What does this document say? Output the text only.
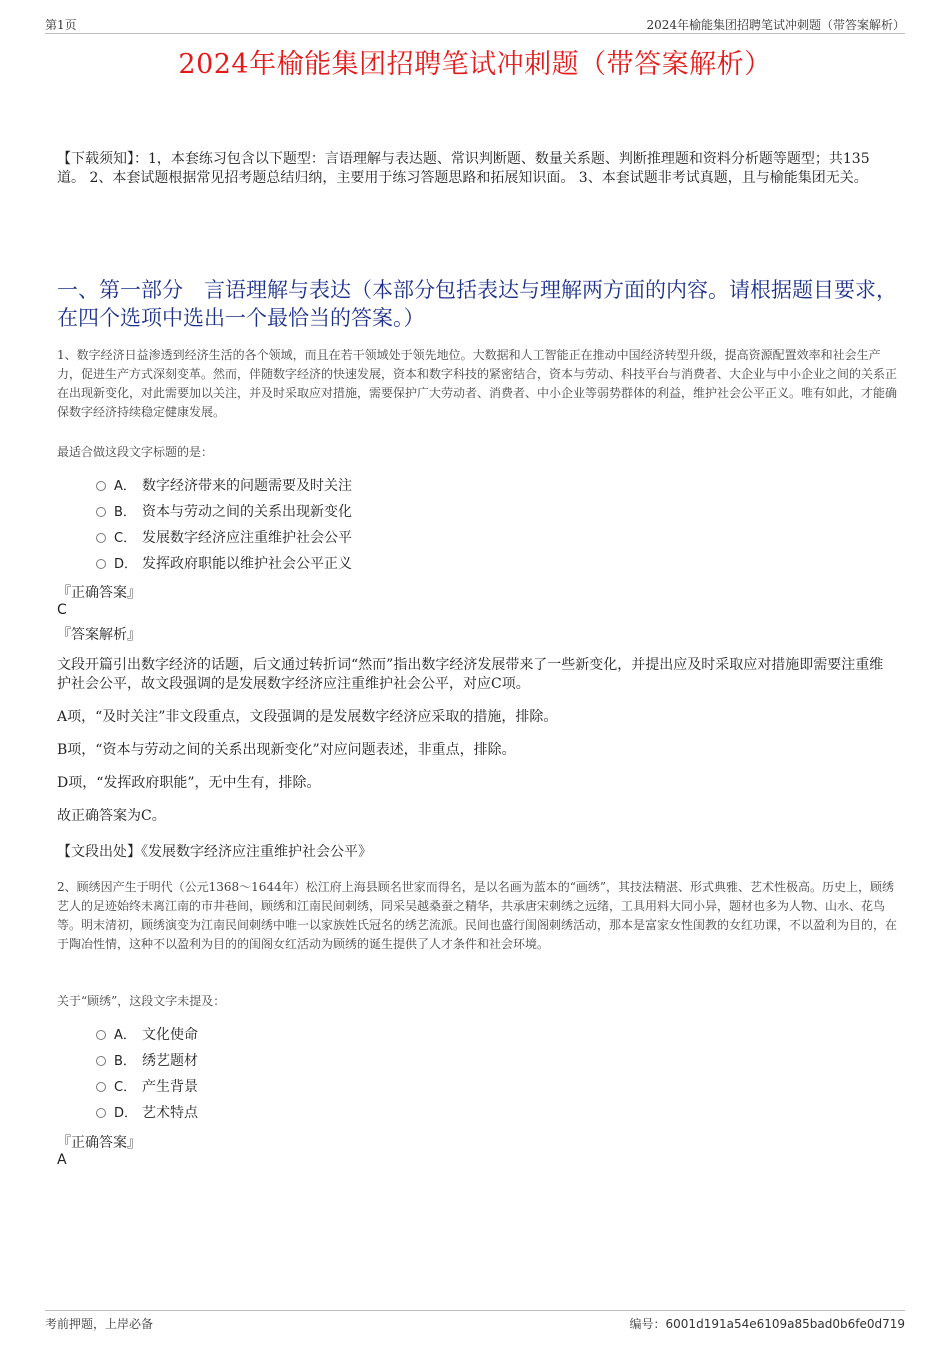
第1页	2024年榆能集团招聘笔试冲刺题（带答案解析）
2024年榆能集团招聘笔试冲刺题（带答案解析）
【下载须知】：1，本套练习包含以下题型：言语理解与表达题、常识判断题、数量关系题、判断推理题和资料分析题等题型；共135道。 2、本套试题根据常见招考题总结归纳，主要用于练习答题思路和拓展知识面。 3、本套试题非考试真题，且与榆能集团无关。
一、第一部分　言语理解与表达（本部分包括表达与理解两方面的内容。请根据题目要求，在四个选项中选出一个最恰当的答案。）
1、数字经济日益渗透到经济生活的各个领域，而且在若干领域处于领先地位。大数据和人工智能正在推动中国经济转型升级，提高资源配置效率和社会生产力，促进生产方式深刻变革。然而，伴随数字经济的快速发展，资本和数字科技的紧密结合，资本与劳动、科技平台与消费者、大企业与中小企业之间的关系正在出现新变化，对此需要加以关注，并及时采取应对措施，需要保护广大劳动者、消费者、中小企业等弱势群体的利益，维护社会公平正义。唯有如此，才能确保数字经济持续稳定健康发展。
最适合做这段文字标题的是：
A． 数字经济带来的问题需要及时关注
B． 资本与劳动之间的关系出现新变化
C． 发展数字经济应注重维护社会公平
D． 发挥政府职能以维护社会公平正义
『正确答案』
C
『答案解析』
文段开篇引出数字经济的话题，后文通过转折词“然而”指出数字经济发展带来了一些新变化，并提出应及时采取应对措施即需要注重维护社会公平，故文段强调的是发展数字经济应注重维护社会公平，对应C项。
A项，“及时关注”非文段重点，文段强调的是发展数字经济应采取的措施，排除。
B项，“资本与劳动之间的关系出现新变化”对应问题表述，非重点，排除。
D项，“发挥政府职能”，无中生有，排除。
故正确答案为C。
【文段出处】《发展数字经济应注重维护社会公平》
2、顾绣因产生于明代（公元1368～1644年）松江府上海县顾名世家而得名，是以名画为蓝本的“画绣”，其技法精湛、形式典雅、艺术性极高。历史上，顾绣艺人的足迹始终未离江南的市井巷间，顾绣和江南民间刺绣，同采吴越桑蚕之精华，共承唐宋刺绣之远绪，工具用料大同小异，题材也多为人物、山水、花鸟等。明末清初，顾绣演变为江南民间刺绣中唯一以家族姓氏冠名的绣艺流派。民间也盛行闺阁刺绣活动，那本是富家女性闺教的女红功课，不以盈利为目的，在于陶冶性情，这种不以盈利为目的的闺阁女红活动为顾绣的诞生提供了人才条件和社会环境。
关于“顾绣”，这段文字未提及：
A． 文化使命
B． 绣艺题材
C． 产生背景
D． 艺术特点
『正确答案』
A
考前押题，上岸必备	编号：6001d191a54e6109a85bad0b6fe0d719
